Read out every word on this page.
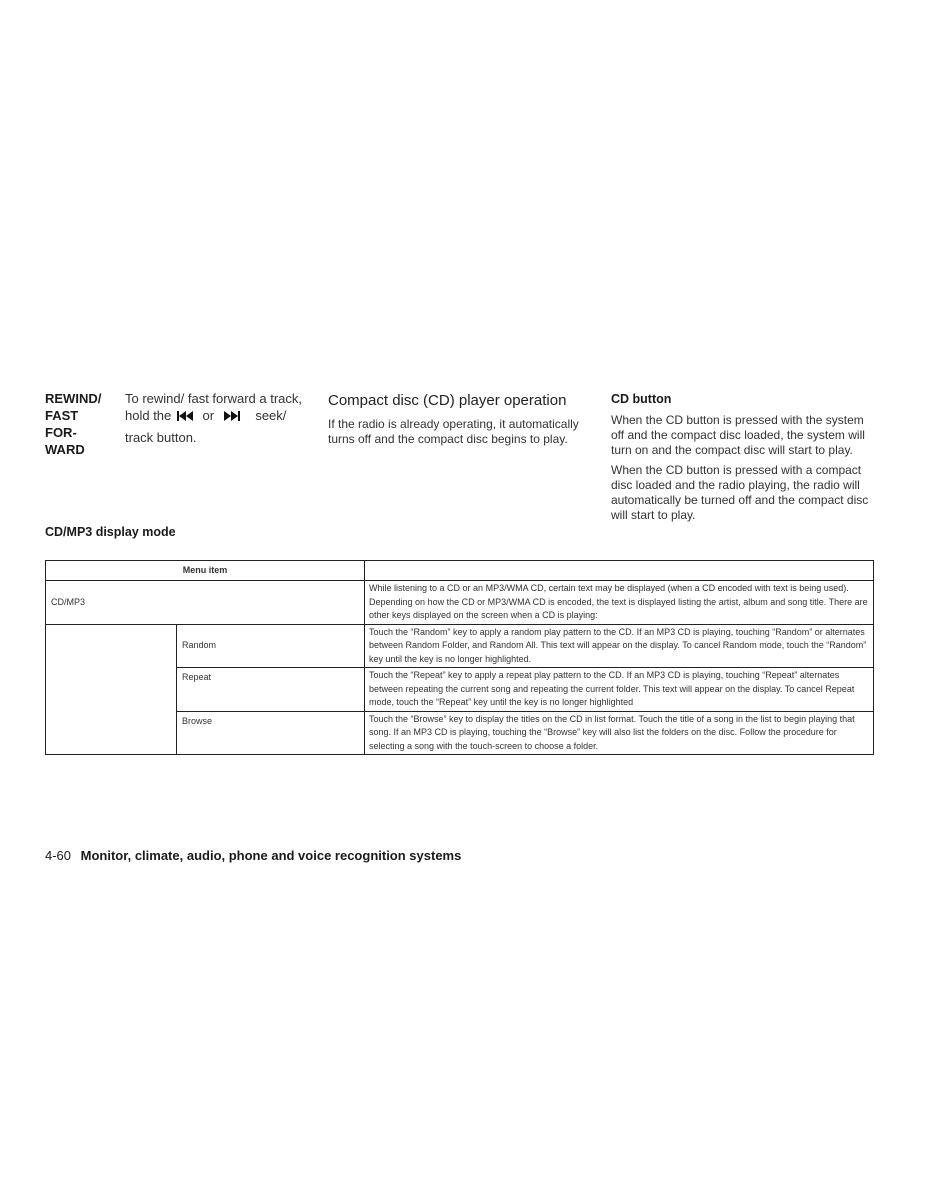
REWIND/
FAST
FOR-
WARD
To rewind/ fast forward a track,
hold the or	seek/
track button.
Compact disc (CD) player operation
If the radio is already operating, it automatically turns off and the compact disc begins to play.
CD button
When the CD button is pressed with the system off and the compact disc loaded, the system will turn on and the compact disc will start to play.
When the CD button is pressed with a compact disc loaded and the radio playing, the radio will automatically be turned off and the compact disc will start to play.
CD/MP3 display mode
Menu item		
CD/MP3		While listening to a CD or an MP3/WMA CD, certain text may be displayed (when a CD encoded with text is being used). Depending on how the CD or MP3/WMA CD is encoded, the text is displayed listing the artist, album and song title. There are other keys displayed on the screen when a CD is playing:
	Random	Touch the “Random” key to apply a random play pattern to the CD. If an MP3 CD is playing, touching “Random” or alternates between Random Folder, and Random All. This text will appear on the display. To cancel Random mode, touch the “Random” key until the key is no longer highlighted.
	Repeat	Touch the “Repeat” key to apply a repeat play pattern to the CD. If an MP3 CD is playing, touching “Repeat” alternates between repeating the current song and repeating the current folder. This text will appear on the display. To cancel Repeat mode, touch the “Repeat” key until the key is no longer highlighted
	Browse	Touch the “Browse” key to display the titles on the CD in list format. Touch the title of a song in the list to begin playing that song. If an MP3 CD is playing, touching the “Browse” key will also list the folders on the disc. Follow the procedure for selecting a song with the touch-screen to choose a folder.
4-60 Monitor, climate, audio, phone and voice recognition systems
